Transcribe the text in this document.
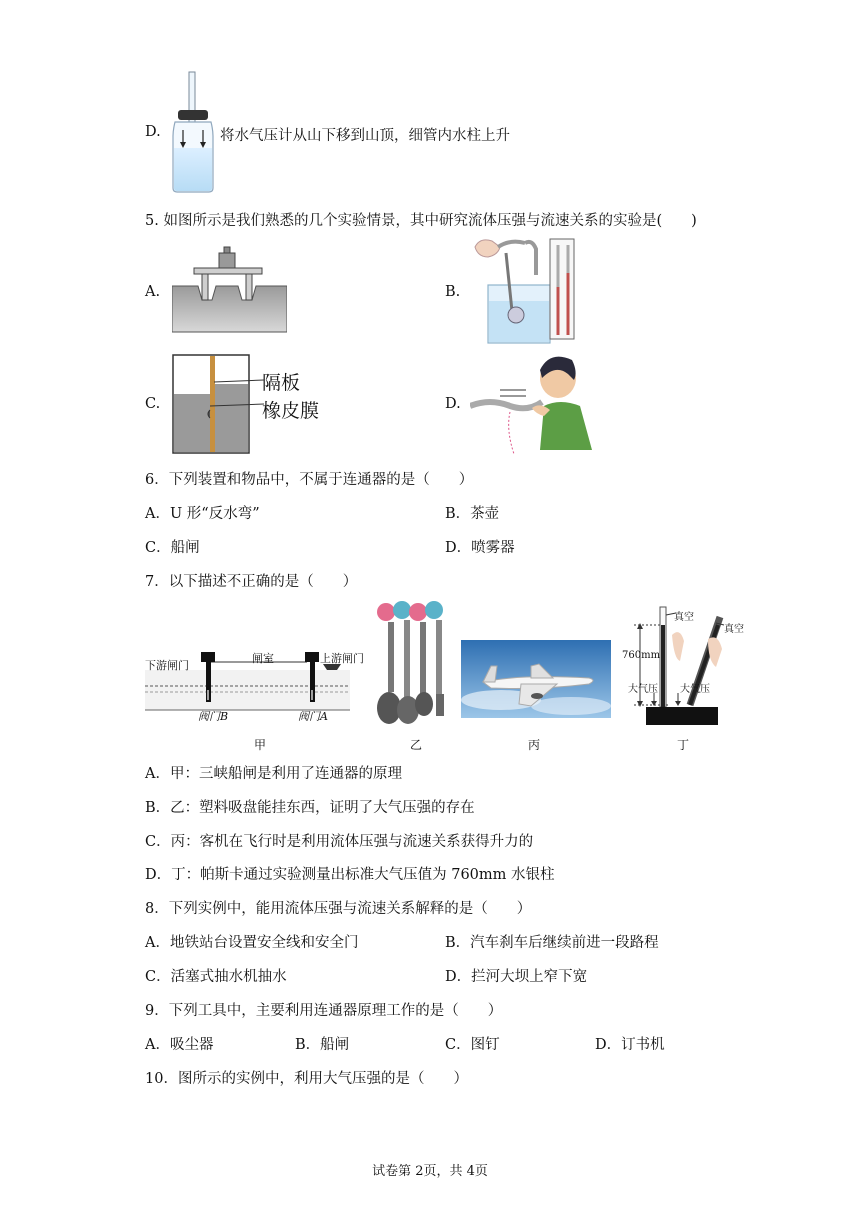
D.	将水气压计从山下移到山顶，细管内水柱上升
5. 如图所示是我们熟悉的几个实验情景，其中研究流体压强与流速关系的实验是(　　)
A.	B.
C.
隔板
橡皮膜	D.
6．下列装置和物品中，不属于连通器的是（　　）
A．U 形“反水弯”	B．茶壶
C．船闸	D．喷雾器
7．以下描述不正确的是（　　）
下游闸门
闸室	上游闸门
阀门B	阀门A
真空
真空
760mm
大气压 大气压
甲	乙	丙	丁
A．甲：三峡船闸是利用了连通器的原理
B．乙：塑料吸盘能挂东西，证明了大气压强的存在
C．丙：客机在飞行时是利用流体压强与流速关系获得升力的
D．丁：帕斯卡通过实验测量出标准大气压值为 760mm 水银柱
8．下列实例中，能用流体压强与流速关系解释的是（　　）
A．地铁站台设置安全线和安全门	B．汽车刹车后继续前进一段路程
C．活塞式抽水机抽水	D．拦河大坝上窄下宽
9．下列工具中，主要利用连通器原理工作的是（　　）
A．吸尘器	B．船闸	C．图钉	D．订书机
10．图所示的实例中，利用大气压强的是（　　）
试卷第 2页，共 4页
